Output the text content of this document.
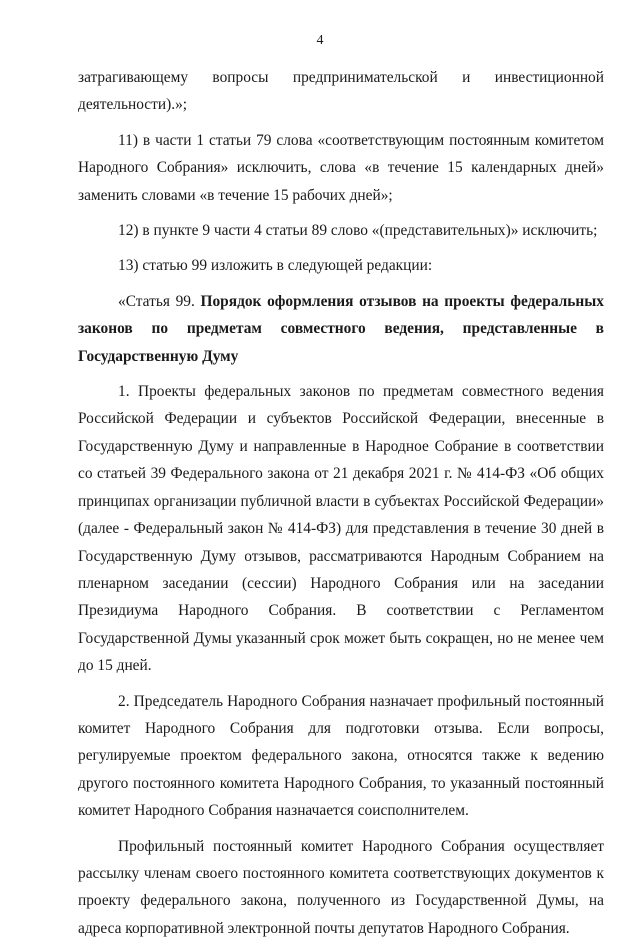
4

затрагивающему вопросы предпринимательской и инвестиционной

деятельности).»;

11) в части 1 статьи 79 слова «соответствующим постоянным комитетом Народного Собрания» исключить, слова «в течение 15 календарных дней» заменить словами «в течение 15 рабочих дней»;

12) в пункте 9 части 4 статьи 89 слово «(представительных)» исключить;

13) статью 99 изложить в следующей редакции:

«Статья 99. Порядок оформления отзывов на проекты федеральных законов по предметам совместного ведения, представленные в Государственную Думу

1. Проекты федеральных законов по предметам совместного ведения Российской Федерации и субъектов Российской Федерации, внесенные в Государственную Думу и направленные в Народное Собрание в соответствии со статьей 39 Федерального закона от 21 декабря 2021 г. № 414-ФЗ «Об общих принципах организации публичной власти в субъектах Российской Федерации» (далее - Федеральный закон № 414-ФЗ) для представления в течение 30 дней в Государственную Думу отзывов, рассматриваются Народным Собранием на пленарном заседании (сессии) Народного Собрания или на заседании Президиума Народного Собрания. В соответствии с Регламентом Государственной Думы указанный срок может быть сокращен, но не менее чем до 15 дней.

2. Председатель Народного Собрания назначает профильный постоянный комитет Народного Собрания для подготовки отзыва. Если вопросы, регулируемые проектом федерального закона, относятся также к ведению другого постоянного комитета Народного Собрания, то указанный постоянный комитет Народного Собрания назначается соисполнителем.

Профильный постоянный комитет Народного Собрания осуществляет рассылку членам своего постоянного комитета соответствующих документов к проекту федерального закона, полученного из Государственной Думы, на адреса корпоративной электронной почты депутатов Народного Собрания.
